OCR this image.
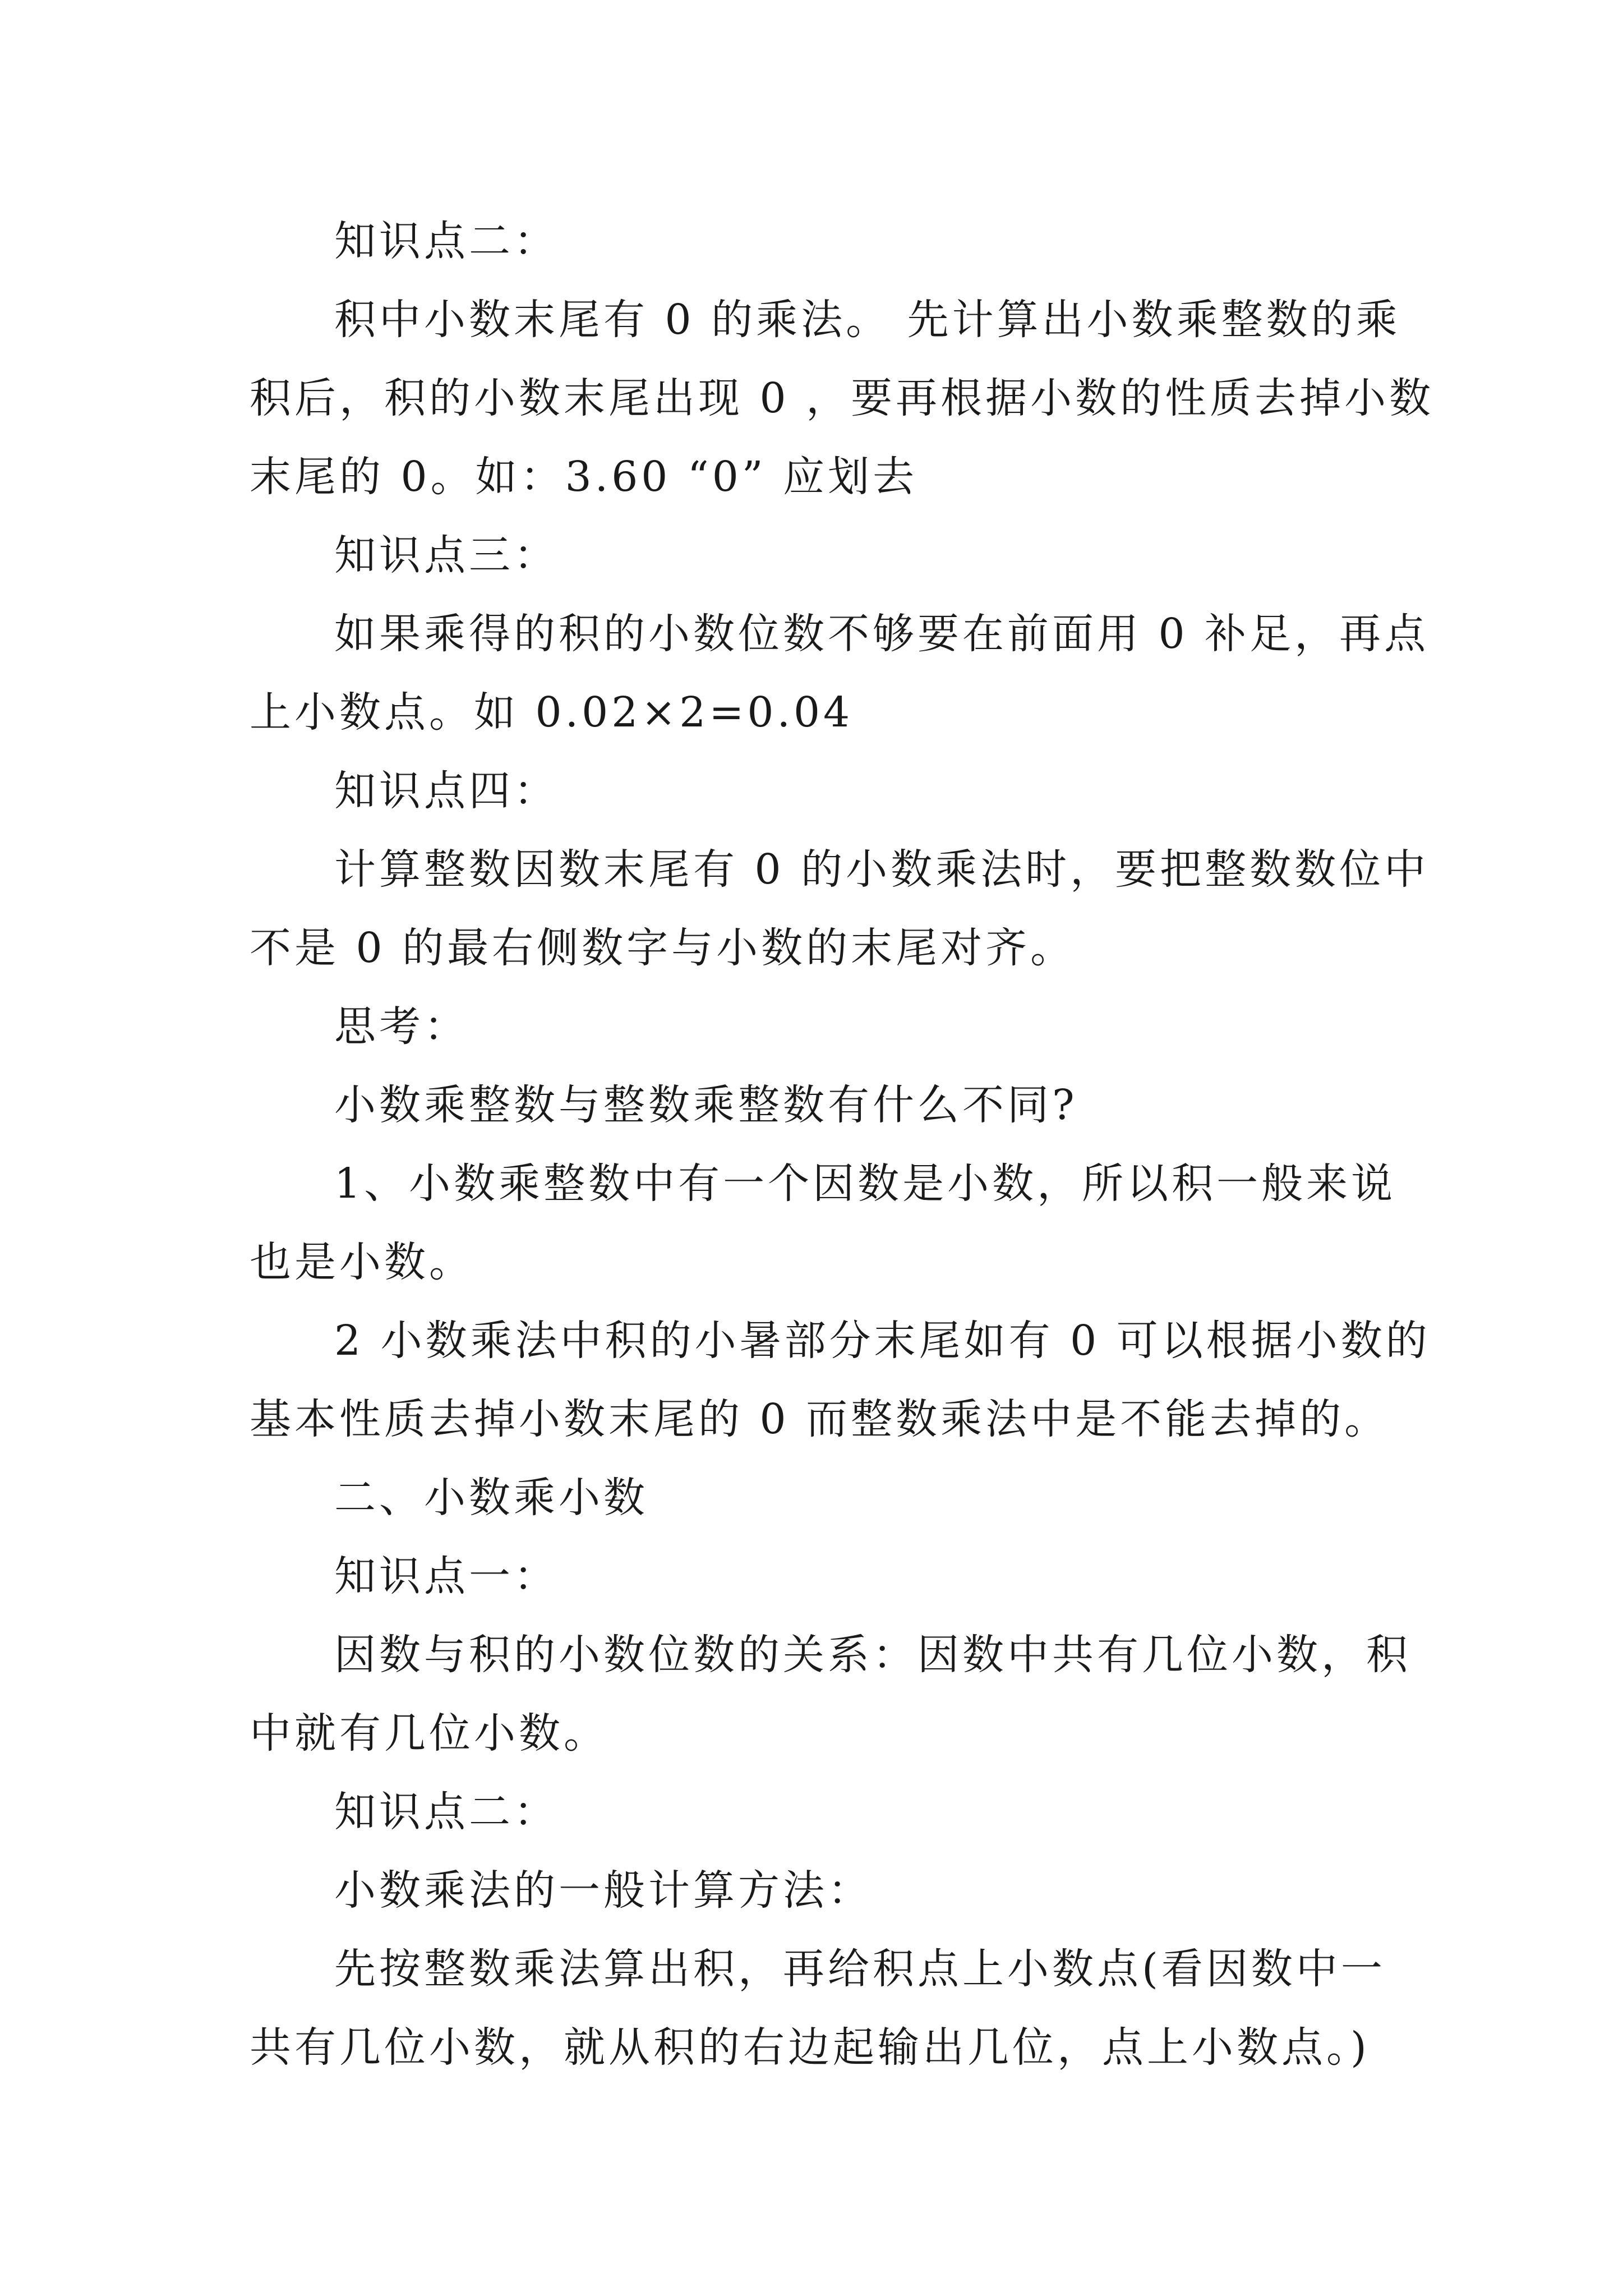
知识点二：
积中小数末尾有 0 的乘法。 先计算出小数乘整数的乘
积后，积的小数末尾出现 0 ，要再根据小数的性质去掉小数
末尾的 0。如：3.60 “0” 应划去
知识点三：
如果乘得的积的小数位数不够要在前面用 0 补足，再点
上小数点。如 0.02×2=0.04
知识点四：
计算整数因数末尾有 0 的小数乘法时，要把整数数位中
不是 0 的最右侧数字与小数的末尾对齐。
思考：
小数乘整数与整数乘整数有什么不同?
1、小数乘整数中有一个因数是小数，所以积一般来说
也是小数。
2 小数乘法中积的小暑部分末尾如有 0 可以根据小数的
基本性质去掉小数末尾的 0 而整数乘法中是不能去掉的。
二、小数乘小数
知识点一：
因数与积的小数位数的关系：因数中共有几位小数，积
中就有几位小数。
知识点二：
小数乘法的一般计算方法：
先按整数乘法算出积，再给积点上小数点(看因数中一
共有几位小数，就从积的右边起输出几位，点上小数点。)
